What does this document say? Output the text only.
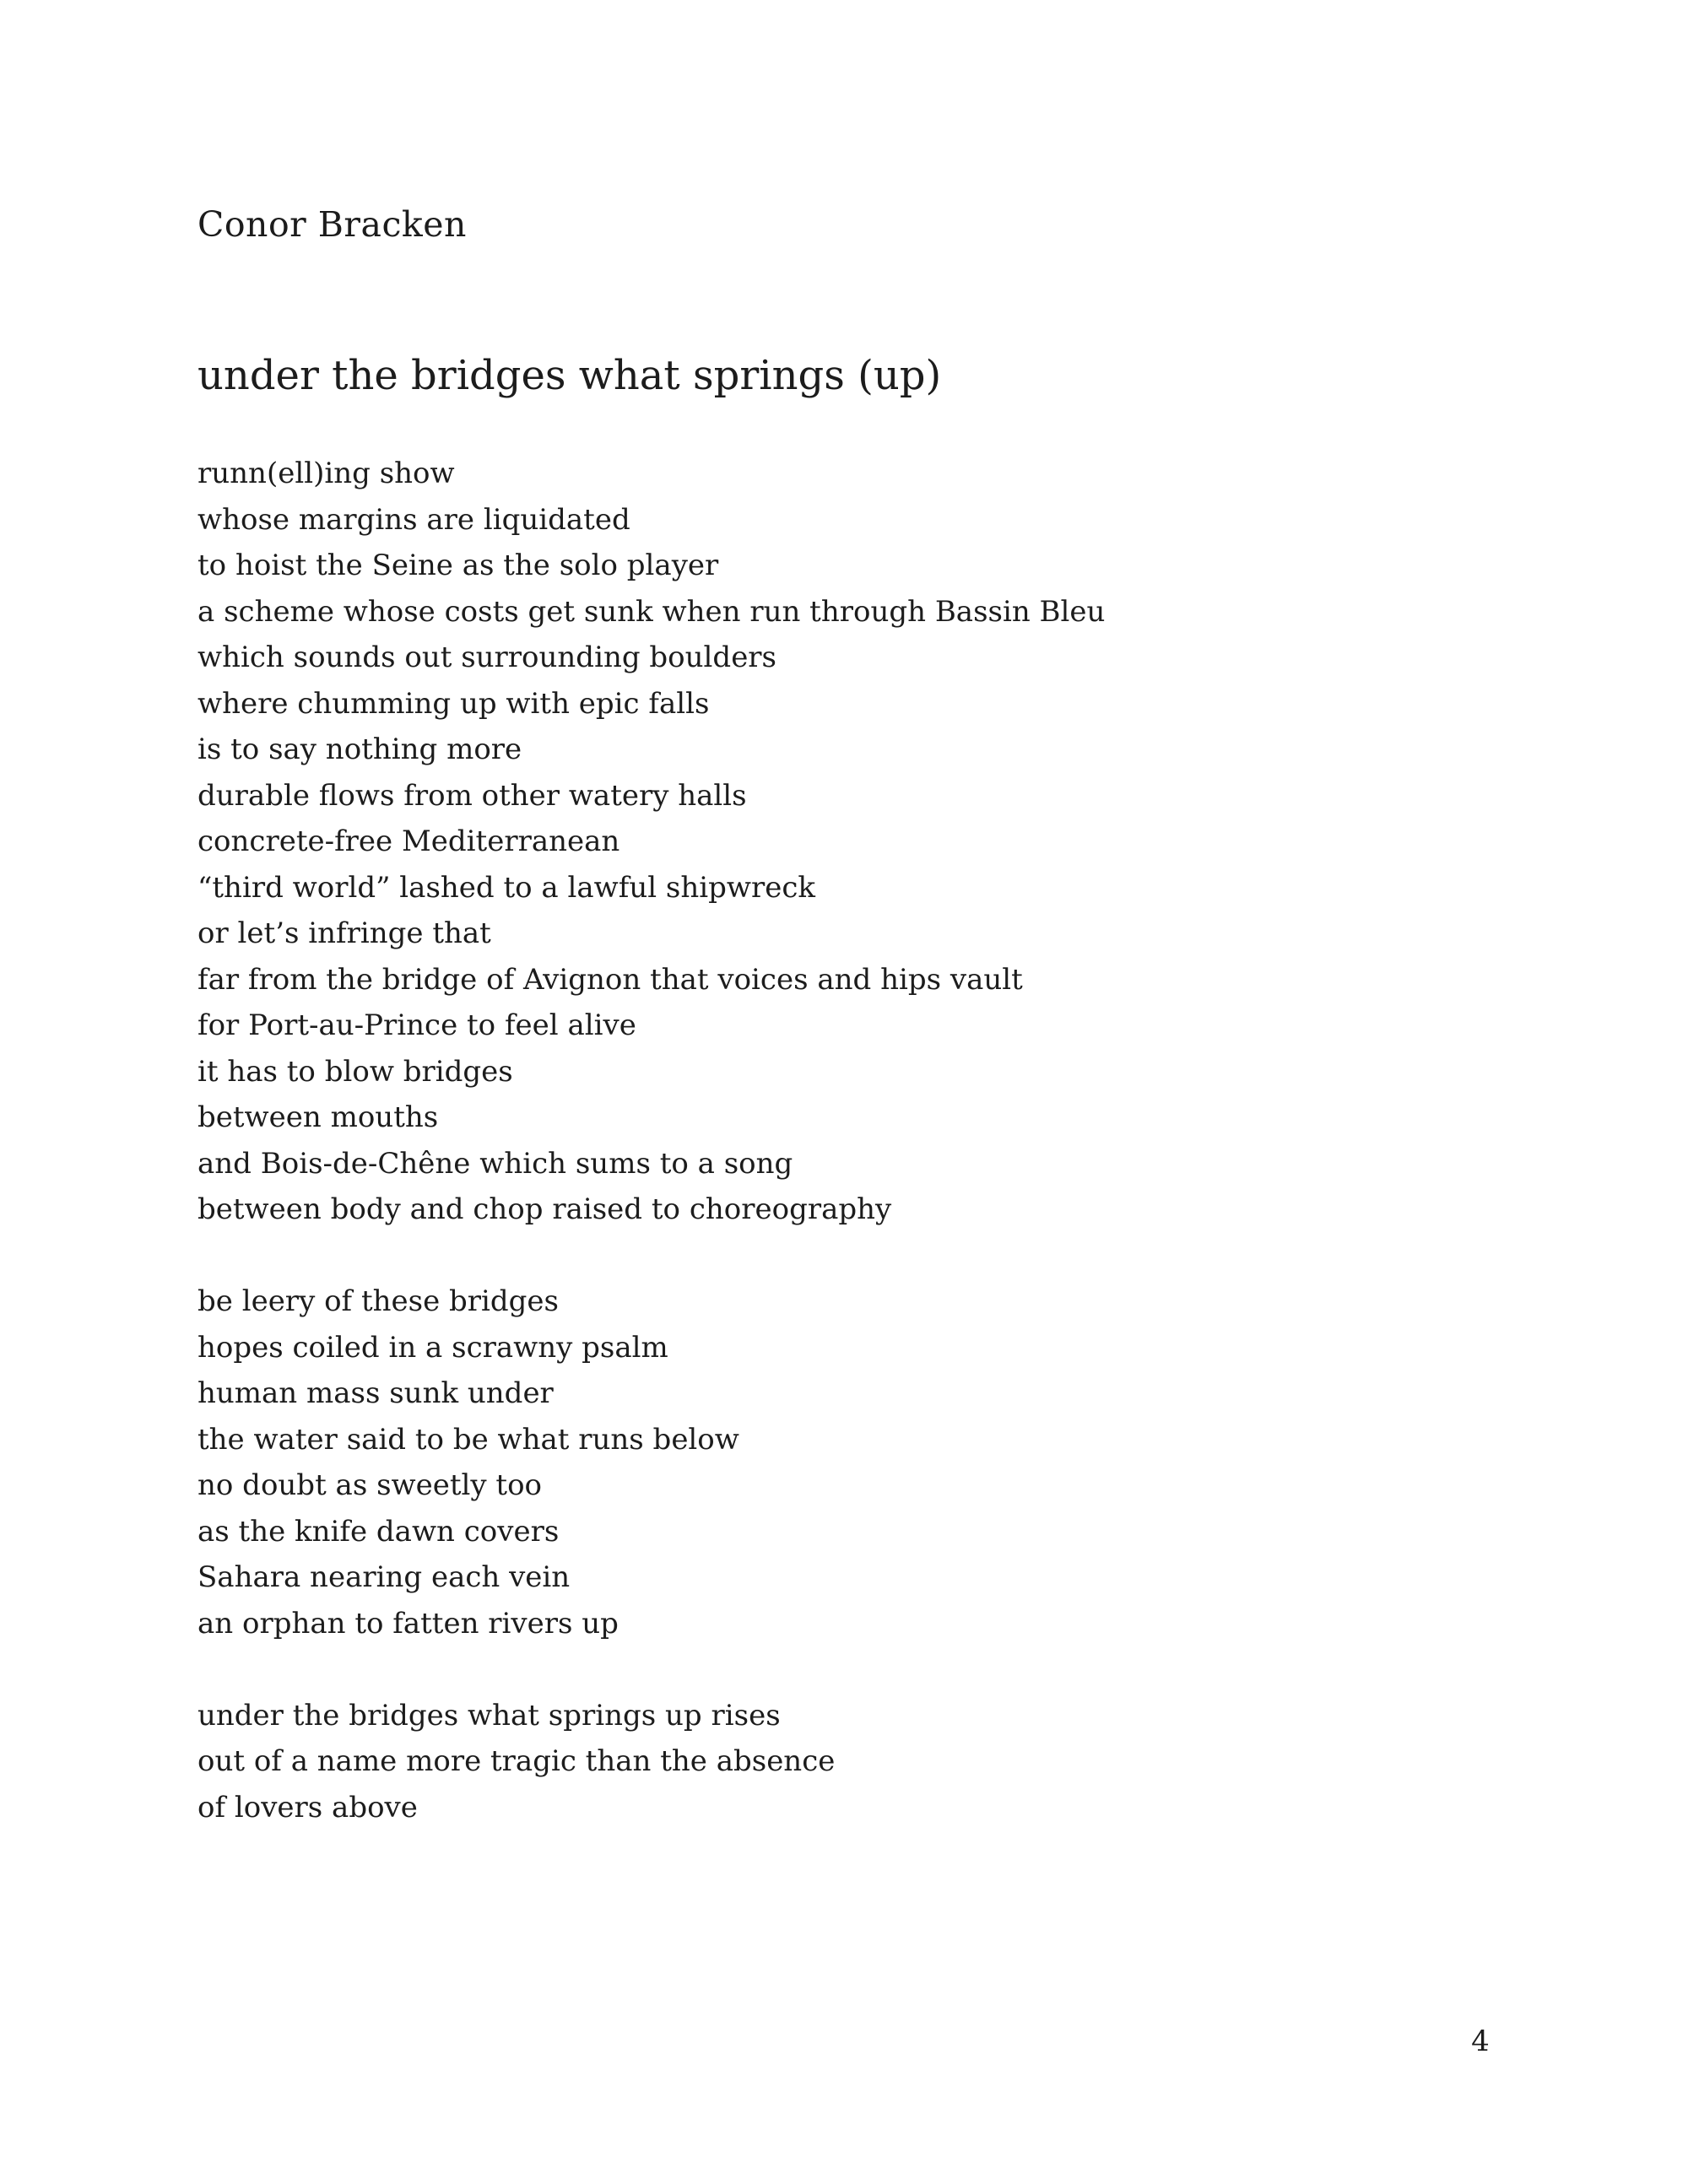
Conor Bracken
under the bridges what springs (up)
runn(ell)ing show
whose margins are liquidated
to hoist the Seine as the solo player
a scheme whose costs get sunk when run through Bassin Bleu
which sounds out surrounding boulders
where chumming up with epic falls
is to say nothing more
durable flows from other watery halls
concrete-free Mediterranean
“third world” lashed to a lawful shipwreck
or let’s infringe that
far from the bridge of Avignon that voices and hips vault
for Port-au-Prince to feel alive
it has to blow bridges
between mouths
and Bois-de-Chêne which sums to a song
between body and chop raised to choreography
be leery of these bridges
hopes coiled in a scrawny psalm
human mass sunk under
the water said to be what runs below
no doubt as sweetly too
as the knife dawn covers
Sahara nearing each vein
an orphan to fatten rivers up
under the bridges what springs up rises
out of a name more tragic than the absence
of lovers above
4
